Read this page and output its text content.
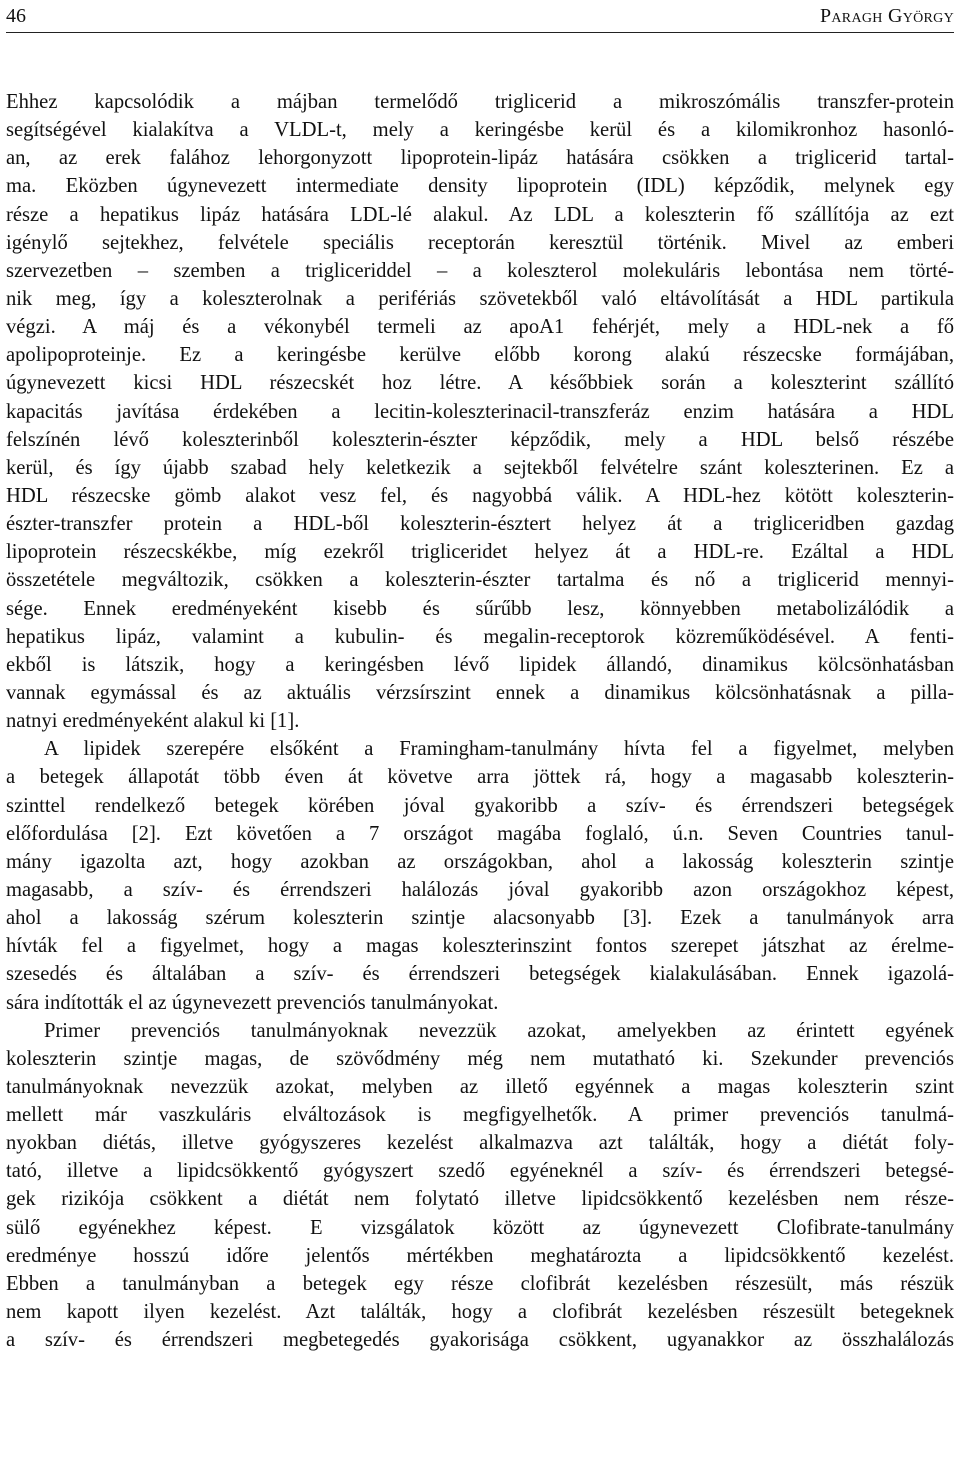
46	Paragh György
Ehhez kapcsolódik a májban termelődő triglicerid a mikroszómális transzfer-protein
segítségével kialakítva a VLDL-t, mely a keringésbe kerül és a kilomikronhoz hasonló-
an, az erek falához lehorgonyzott lipoprotein-lipáz hatására csökken a triglicerid tartal-
ma. Eközben úgynevezett intermediate density lipoprotein (IDL) képződik, melynek egy
része a hepatikus lipáz hatására LDL-lé alakul. Az LDL a koleszterin fő szállítója az ezt
igénylő sejtekhez, felvétele speciális receptorán keresztül történik. Mivel az emberi
szervezetben – szemben a trigliceriddel – a koleszterol molekuláris lebontása nem törté-
nik meg, így a koleszterolnak a perifériás szövetekből való eltávolítását a HDL partikula
végzi. A máj és a vékonybél termeli az apoA1 fehérjét, mely a HDL-nek a fő
apolipoproteinje. Ez a keringésbe kerülve előbb korong alakú részecske formájában,
úgynevezett kicsi HDL részecskét hoz létre. A későbbiek során a koleszterint szállító
kapacitás javítása érdekében a lecitin-koleszterinacil-transzferáz enzim hatására a HDL
felszínén lévő koleszterinből koleszterin-észter képződik, mely a HDL belső részébe
kerül, és így újabb szabad hely keletkezik a sejtekből felvételre szánt koleszterinen. Ez a
HDL részecske gömb alakot vesz fel, és nagyobbá válik. A HDL-hez kötött koleszterin-
észter-transzfer protein a HDL-ből koleszterin-észtert helyez át a trigliceridben gazdag
lipoprotein részecskékbe, míg ezekről trigliceridet helyez át a HDL-re. Ezáltal a HDL
összetétele megváltozik, csökken a koleszterin-észter tartalma és nő a triglicerid mennyi-
sége. Ennek eredményeként kisebb és sűrűbb lesz, könnyebben metabolizálódik a
hepatikus lipáz, valamint a kubulin- és megalin-receptorok közreműködésével. A fenti-
ekből is látszik, hogy a keringésben lévő lipidek állandó, dinamikus kölcsönhatásban
vannak egymással és az aktuális vérzsírszint ennek a dinamikus kölcsönhatásnak a pilla-
natnyi eredményeként alakul ki [1].
A lipidek szerepére elsőként a Framingham-tanulmány hívta fel a figyelmet, melyben
a betegek állapotát több éven át követve arra jöttek rá, hogy a magasabb koleszterin-
szinttel rendelkező betegek körében jóval gyakoribb a szív- és érrendszeri betegségek
előfordulása [2]. Ezt követően a 7 országot magába foglaló, ú.n. Seven Countries tanul-
mány igazolta azt, hogy azokban az országokban, ahol a lakosság koleszterin szintje
magasabb, a szív- és érrendszeri halálozás jóval gyakoribb azon országokhoz képest,
ahol a lakosság szérum koleszterin szintje alacsonyabb [3]. Ezek a tanulmányok arra
hívták fel a figyelmet, hogy a magas koleszterinszint fontos szerepet játszhat az érelme-
szesedés és általában a szív- és érrendszeri betegségek kialakulásában. Ennek igazolá-
sára indították el az úgynevezett prevenciós tanulmányokat.
Primer prevenciós tanulmányoknak nevezzük azokat, amelyekben az érintett egyének
koleszterin szintje magas, de szövődmény még nem mutatható ki. Szekunder prevenciós
tanulmányoknak nevezzük azokat, melyben az illető egyénnek a magas koleszterin szint
mellett már vaszkuláris elváltozások is megfigyelhetők. A primer prevenciós tanulmá-
nyokban diétás, illetve gyógyszeres kezelést alkalmazva azt találták, hogy a diétát foly-
tató, illetve a lipidcsökkentő gyógyszert szedő egyéneknél a szív- és érrendszeri betegsé-
gek rizikója csökkent a diétát nem folytató illetve lipidcsökkentő kezelésben nem része-
sülő egyénekhez képest. E vizsgálatok között az úgynevezett Clofibrate-tanulmány
eredménye hosszú időre jelentős mértékben meghatározta a lipidcsökkentő kezelést.
Ebben a tanulmányban a betegek egy része clofibrát kezelésben részesült, más részük
nem kapott ilyen kezelést. Azt találták, hogy a clofibrát kezelésben részesült betegeknek
a szív- és érrendszeri megbetegedés gyakorisága csökkent, ugyanakkor az összhalálozás
